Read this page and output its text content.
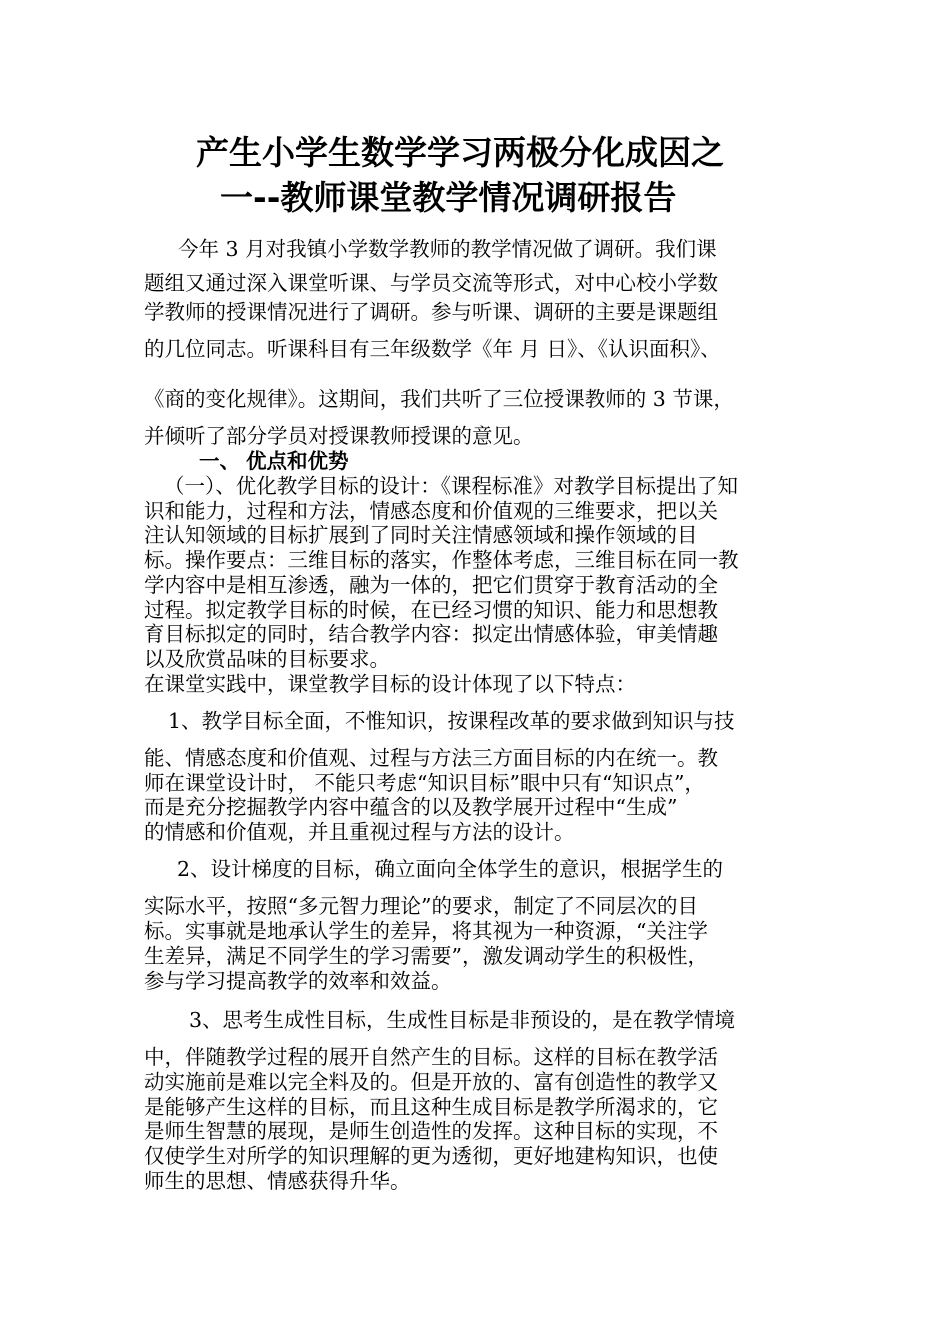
产生小学生数学学习两极分化成因之
一--教师课堂教学情况调研报告
今年 3 月对我镇小学数学教师的教学情况做了调研。我们课
题组又通过深入课堂听课、与学员交流等形式，对中心校小学数
学教师的授课情况进行了调研。参与听课、调研的主要是课题组
的几位同志。听课科目有三年级数学《年 月 日》、《认识面积》、
《商的变化规律》。这期间，我们共听了三位授课教师的 3 节课，
并倾听了部分学员对授课教师授课的意见。
一、 优点和优势
（一）、优化教学目标的设计：《课程标准》对教学目标提出了知
识和能力，过程和方法，情感态度和价值观的三维要求，把以关
注认知领域的目标扩展到了同时关注情感领域和操作领域的目
标。操作要点：三维目标的落实，作整体考虑，三维目标在同一教
学内容中是相互渗透，融为一体的，把它们贯穿于教育活动的全
过程。拟定教学目标的时候，在已经习惯的知识、能力和思想教
育目标拟定的同时，结合教学内容：拟定出情感体验，审美情趣
以及欣赏品味的目标要求。
在课堂实践中，课堂教学目标的设计体现了以下特点：
1、教学目标全面，不惟知识，按课程改革的要求做到知识与技
能、情感态度和价值观、过程与方法三方面目标的内在统一。教
师在课堂设计时， 不能只考虑“知识目标”眼中只有“知识点”，
而是充分挖掘教学内容中蕴含的以及教学展开过程中“生成”
的情感和价值观，并且重视过程与方法的设计。
2、设计梯度的目标，确立面向全体学生的意识，根据学生的
实际水平，按照“多元智力理论”的要求，制定了不同层次的目
标。实事就是地承认学生的差异，将其视为一种资源，“关注学
生差异，满足不同学生的学习需要”，激发调动学生的积极性，
参与学习提高教学的效率和效益。
3、思考生成性目标，生成性目标是非预设的，是在教学情境
中，伴随教学过程的展开自然产生的目标。这样的目标在教学活
动实施前是难以完全料及的。但是开放的、富有创造性的教学又
是能够产生这样的目标，而且这种生成目标是教学所渴求的，它
是师生智慧的展现，是师生创造性的发挥。这种目标的实现，不
仅使学生对所学的知识理解的更为透彻，更好地建构知识，也使
师生的思想、情感获得升华。
